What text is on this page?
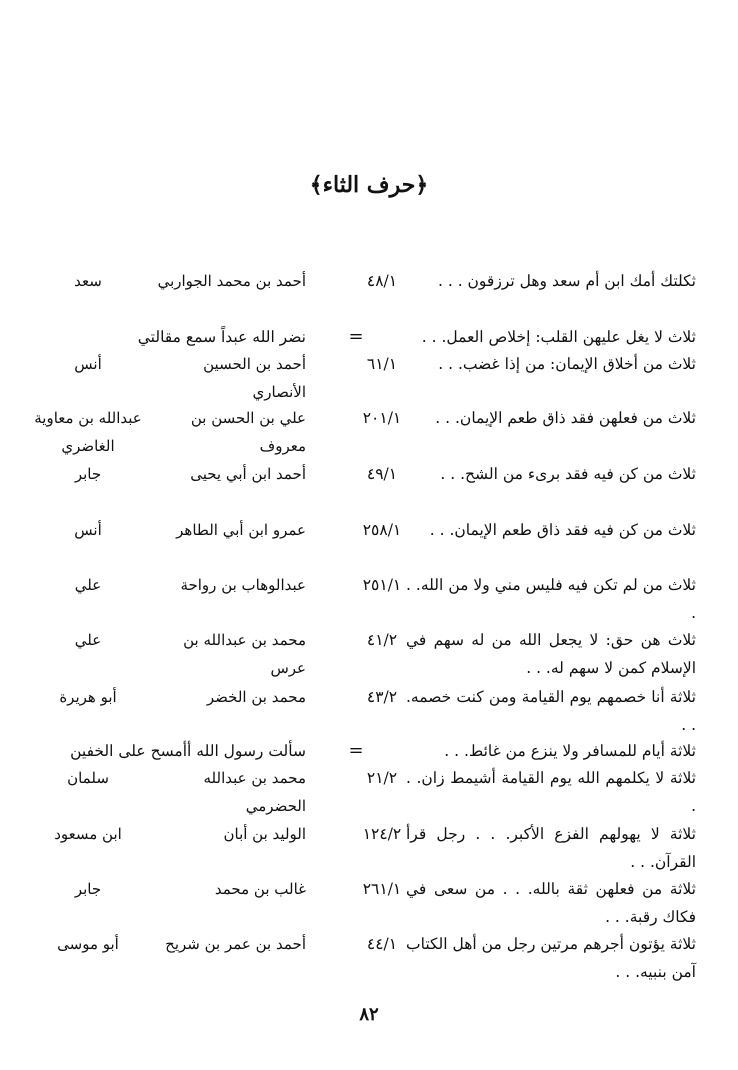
﴿حرف الثاء﴾
ثكلتك أمك ابن أم سعد وهل ترزقون . . .
٤٨/١
أحمد بن محمد الجواربي
سعد
ثلاث لا يغل عليهن القلب: إخلاص العمل. . .
=
نضر الله عبداً سمع مقالتي
ثلاث من أخلاق الإيمان: من إذا غضب. . .
٦١/١
أحمد بن الحسين الأنصاري
أنس
ثلاث من فعلهن فقد ذاق طعم الإيمان. . .
٢٠١/١
علي بن الحسن بن معروف
عبدالله بن معاوية الغاضري
ثلاث من كن فيه فقد برىء من الشح. . .
٤٩/١
أحمد ابن أبي يحيى
جابر
ثلاث من كن فيه فقد ذاق طعم الإيمان. . .
٢٥٨/١
عمرو ابن أبي الطاهر
أنس
ثلاث من لم تكن فيه فليس مني ولا من الله. . .
٢٥١/١
عبدالوهاب بن رواحة
علي
ثلاث هن حق: لا يجعل الله من له سهم في الإسلام كمن لا سهم له. . .
٤١/٢
محمد بن عبدالله بن عرس
علي
ثلاثة أنا خصمهم يوم القيامة ومن كنت خصمه. . .
٤٣/٢
محمد بن الخضر
أبو هريرة
ثلاثة أيام للمسافر ولا ينزع من غائط. . .
=
سألت رسول الله أأمسح على الخفين
ثلاثة لا يكلمهم الله يوم القيامة أشيمط زان. . .
٢١/٢
محمد بن عبدالله الحضرمي
سلمان
ثلاثة لا يهولهم الفزع الأكبر. . . رجل قرأ القرآن. . .
١٢٤/٢
الوليد بن أبان
ابن مسعود
ثلاثة من فعلهن ثقة بالله. . . من سعى في فكاك رقبة. . .
٢٦١/١
غالب بن محمد
جابر
ثلاثة يؤتون أجرهم مرتين رجل من أهل الكتاب آمن بنبيه. . .
٤٤/١
أحمد بن عمر بن شريح
أبو موسى
٨٢
